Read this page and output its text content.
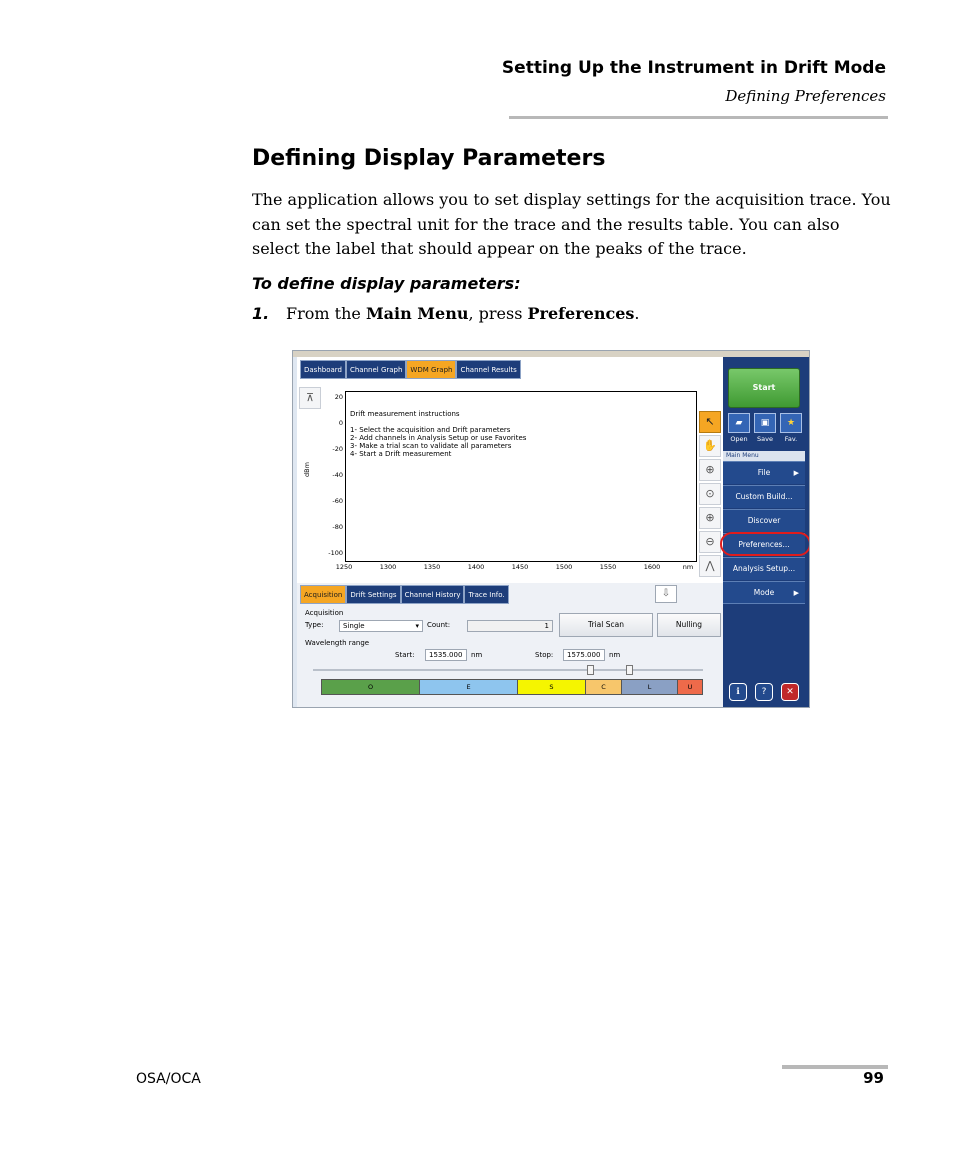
Setting Up the Instrument in Drift Mode
Defining Preferences
Defining Display Parameters
The application allows you to set display settings for the acquisition trace. You can set the spectral unit for the trace and the results table. You can also select the label that should appear on the peaks of the trace.
To define display parameters:
1. From the Main Menu, press Preferences.
Dashboard	Channel Graph	WDM Graph	Channel Results
⊼
dBm
20
0
-20
-40
-60
-80
-100
Drift measurement instructions
1- Select the acquisition and Drift parameters
2- Add channels in Analysis Setup or use Favorites
3- Make a trial scan to validate all parameters
4- Start a Drift measurement
1250	1300	1350	1400	1450	1500	1550	1600	nm
↖
✋
⊕
⊙
⊕
⊖
⋀
Acquisition	Drift Settings	Channel History	Trace Info.	⇩
Acquisition
Type:	Single	▾ Count:	1	Trial Scan	Nulling
Wavelength range
Start:	1535.000	nm	Stop:	1575.000	nm
O	E	S	C	L	U
Start
▰	▣	★
Open	Save	Fav.
Main Menu
File	▶
Custom Build...
Discover
Preferences...
Analysis Setup...
Mode	▶
ℹ	?	✕
OSA/OCA	99
